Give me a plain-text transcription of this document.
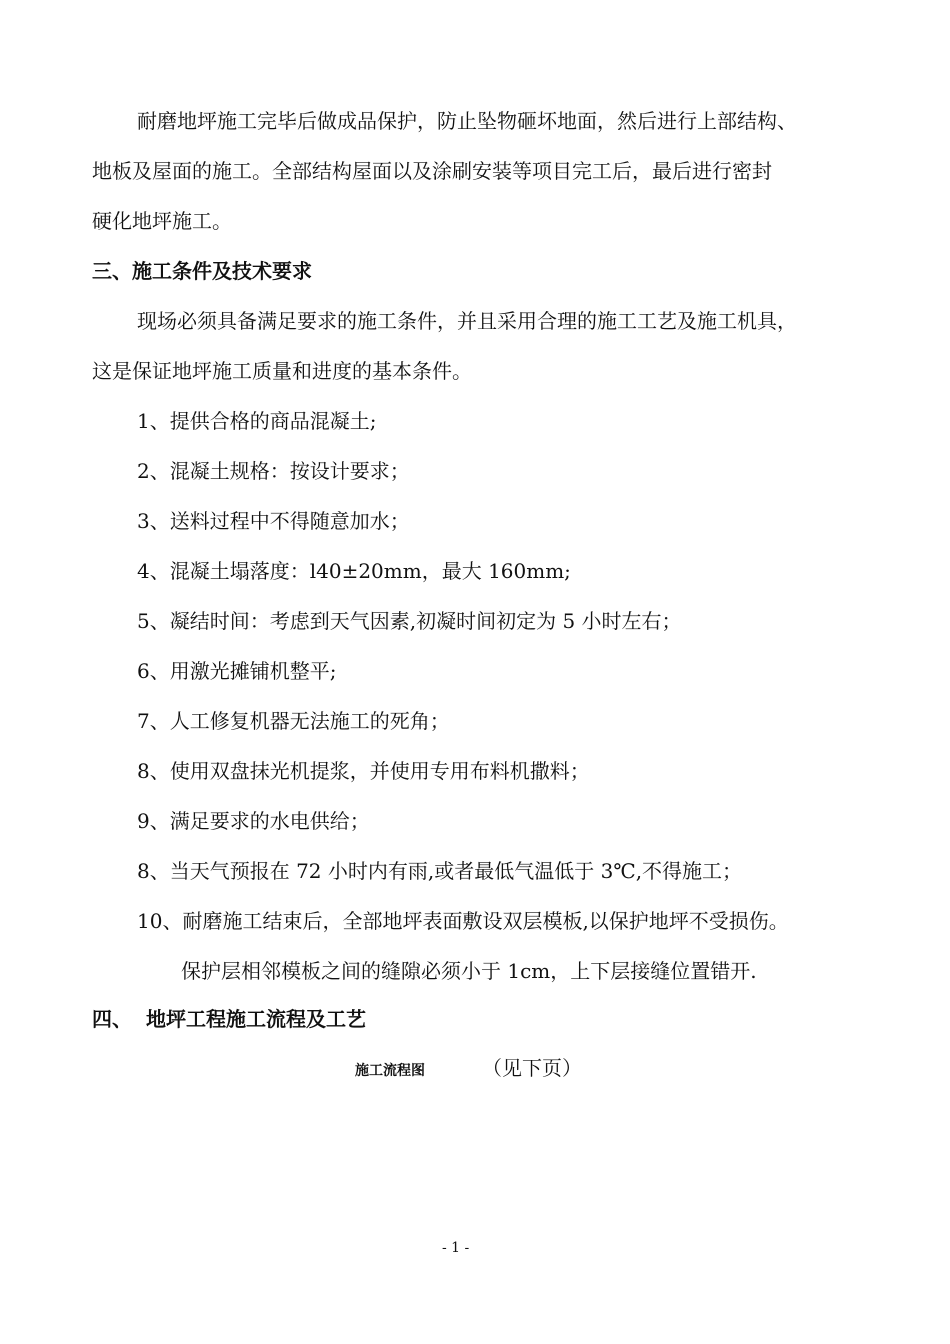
耐磨地坪施工完毕后做成品保护，防止坠物砸坏地面，然后进行上部结构、
地板及屋面的施工。全部结构屋面以及涂刷安装等项目完工后，最后进行密封
硬化地坪施工。
三、施工条件及技术要求
现场必须具备满足要求的施工条件，并且采用合理的施工工艺及施工机具，
这是保证地坪施工质量和进度的基本条件。
1、提供合格的商品混凝土;
2、混凝土规格：按设计要求；
3、送料过程中不得随意加水；
4、混凝土塌落度：l40±20mm，最大 160mm;
5、凝结时间：考虑到天气因素,初凝时间初定为 5 小时左右；
6、用激光摊铺机整平;
7、人工修复机器无法施工的死角；
8、使用双盘抹光机提浆，并使用专用布料机撒料；
9、满足要求的水电供给；
8、当天气预报在 72 小时内有雨,或者最低气温低于 3℃,不得施工；
10、耐磨施工结束后，全部地坪表面敷设双层模板,以保护地坪不受损伤。
保护层相邻模板之间的缝隙必须小于 1cm，上下层接缝位置错开.
四、 地坪工程施工流程及工艺
施工流程图	（见下页）
- 1 -
